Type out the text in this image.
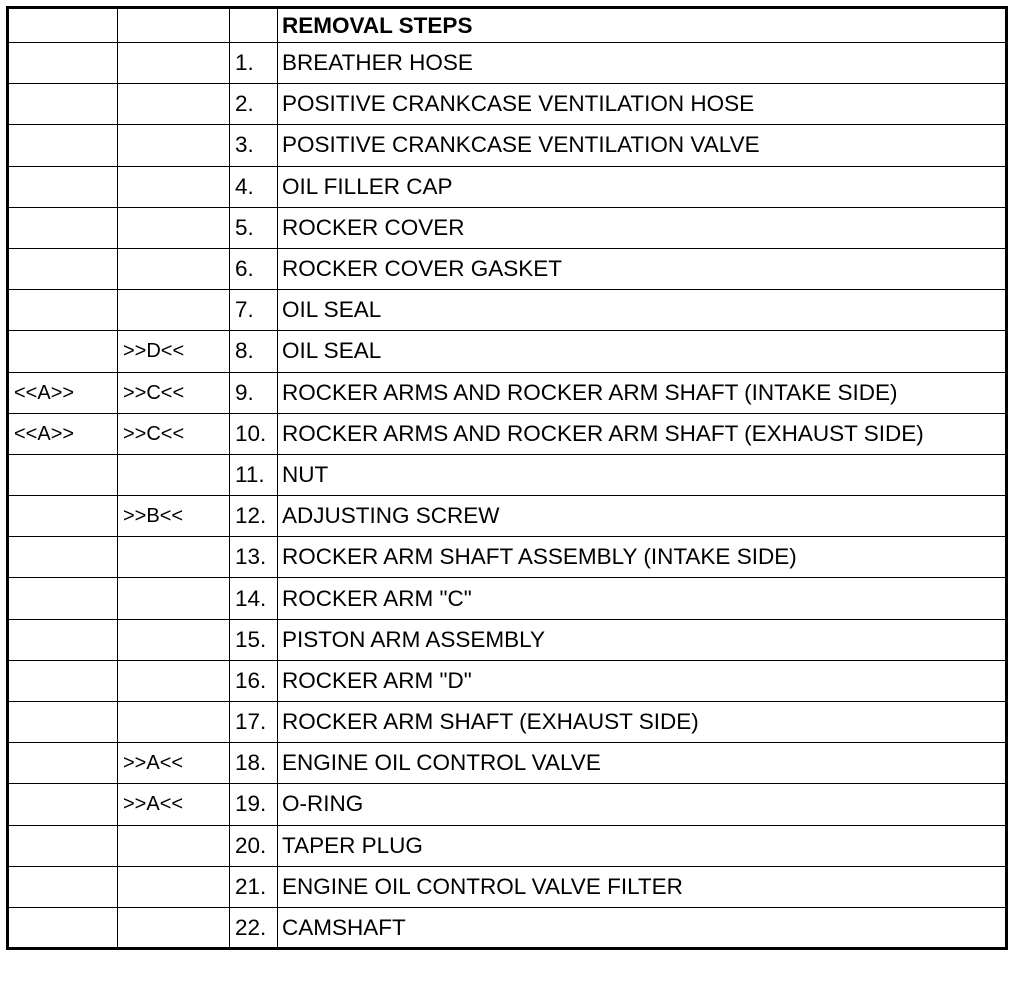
			REMOVAL STEPS
		1.	BREATHER HOSE
		2.	POSITIVE CRANKCASE VENTILATION HOSE
		3.	POSITIVE CRANKCASE VENTILATION VALVE
		4.	OIL FILLER CAP
		5.	ROCKER COVER
		6.	ROCKER COVER GASKET
		7.	OIL SEAL
	>>D<<	8.	OIL SEAL
<<A>>	>>C<<	9.	ROCKER ARMS AND ROCKER ARM SHAFT (INTAKE SIDE)
<<A>>	>>C<<	10.	ROCKER ARMS AND ROCKER ARM SHAFT (EXHAUST SIDE)
		11.	NUT
	>>B<<	12.	ADJUSTING SCREW
		13.	ROCKER ARM SHAFT ASSEMBLY (INTAKE SIDE)
		14.	ROCKER ARM "C"
		15.	PISTON ARM ASSEMBLY
		16.	ROCKER ARM "D"
		17.	ROCKER ARM SHAFT (EXHAUST SIDE)
	>>A<<	18.	ENGINE OIL CONTROL VALVE
	>>A<<	19.	O-RING
		20.	TAPER PLUG
		21.	ENGINE OIL CONTROL VALVE FILTER
		22.	CAMSHAFT
